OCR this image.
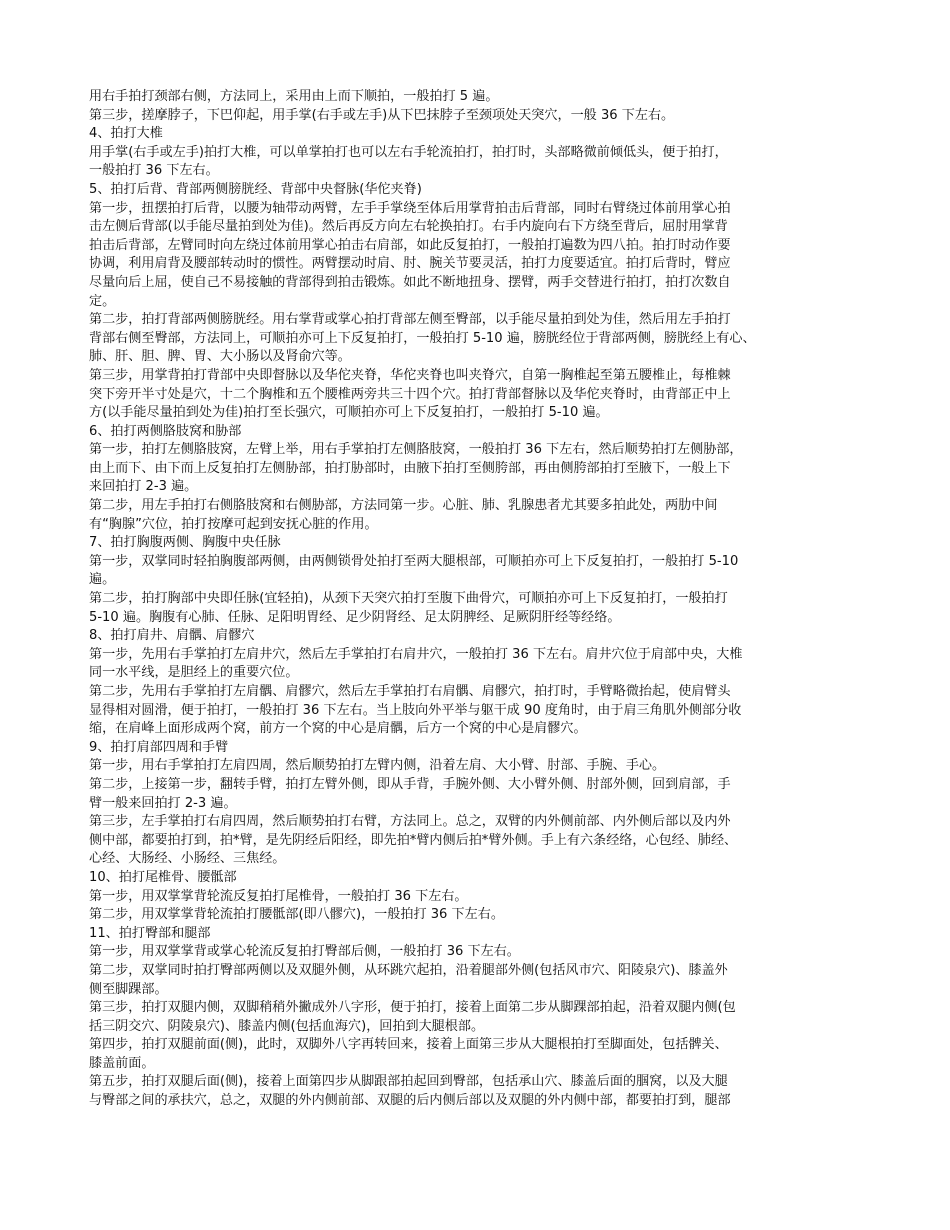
用右手拍打颈部右侧，方法同上，采用由上而下顺拍，一般拍打 5 遍。
第三步，搓摩脖子，下巴仰起，用手掌(右手或左手)从下巴抹脖子至颈项处天突穴，一般 36 下左右。
4、拍打大椎
用手掌(右手或左手)拍打大椎，可以单掌拍打也可以左右手轮流拍打，拍打时，头部略微前倾低头，便于拍打，
一般拍打 36 下左右。
5、拍打后背、背部两侧膀胱经、背部中央督脉(华佗夹脊)
第一步，扭摆拍打后背，以腰为轴带动两臂，左手手掌绕至体后用掌背拍击后背部，同时右臂绕过体前用掌心拍
击左侧后背部(以手能尽量拍到处为佳)。然后再反方向左右轮换拍打。右手内旋向右下方绕至背后，屈肘用掌背
拍击后背部，左臂同时向左绕过体前用掌心拍击右肩部，如此反复拍打，一般拍打遍数为四八拍。拍打时动作要
协调，利用肩背及腰部转动时的惯性。两臂摆动时肩、肘、腕关节要灵活，拍打力度要适宜。拍打后背时，臂应
尽量向后上屈，使自己不易接触的背部得到拍击锻炼。如此不断地扭身、摆臂，两手交替进行拍打，拍打次数自
定。
第二步，拍打背部两侧膀胱经。用右掌背或掌心拍打背部左侧至臀部，以手能尽量拍到处为佳，然后用左手拍打
背部右侧至臀部，方法同上，可顺拍亦可上下反复拍打，一般拍打 5-10 遍，膀胱经位于背部两侧，膀胱经上有心、
肺、肝、胆、脾、胃、大小肠以及肾俞穴等。
第三步，用掌背拍打背部中央即督脉以及华佗夹脊，华佗夹脊也叫夹脊穴，自第一胸椎起至第五腰椎止，每椎棘
突下旁开半寸处是穴，十二个胸椎和五个腰椎两旁共三十四个穴。拍打背部督脉以及华佗夹脊时，由背部正中上
方(以手能尽量拍到处为佳)拍打至长强穴，可顺拍亦可上下反复拍打，一般拍打 5-10 遍。
6、拍打两侧胳肢窝和胁部
第一步，拍打左侧胳肢窝，左臂上举，用右手掌拍打左侧胳肢窝，一般拍打 36 下左右，然后顺势拍打左侧胁部，
由上而下、由下而上反复拍打左侧胁部，拍打胁部时，由腋下拍打至侧胯部，再由侧胯部拍打至腋下，一般上下
来回拍打 2-3 遍。
第二步，用左手拍打右侧胳肢窝和右侧胁部，方法同第一步。心脏、肺、乳腺患者尤其要多拍此处，两肋中间
有“胸腺”穴位，拍打按摩可起到安抚心脏的作用。
7、拍打胸腹两侧、胸腹中央任脉
第一步，双掌同时轻拍胸腹部两侧，由两侧锁骨处拍打至两大腿根部，可顺拍亦可上下反复拍打，一般拍打 5-10
遍。
第二步，拍打胸部中央即任脉(宜轻拍)，从颈下天突穴拍打至腹下曲骨穴，可顺拍亦可上下反复拍打，一般拍打
5-10 遍。胸腹有心肺、任脉、足阳明胃经、足少阴肾经、足太阴脾经、足厥阴肝经等经络。
8、拍打肩井、肩髃、肩髎穴
第一步，先用右手掌拍打左肩井穴，然后左手掌拍打右肩井穴，一般拍打 36 下左右。肩井穴位于肩部中央，大椎
同一水平线，是胆经上的重要穴位。
第二步，先用右手掌拍打左肩髃、肩髎穴，然后左手掌拍打右肩髃、肩髎穴，拍打时，手臂略微抬起，使肩臂头
显得相对圆滑，便于拍打，一般拍打 36 下左右。当上肢向外平举与躯干成 90 度角时，由于肩三角肌外侧部分收
缩，在肩峰上面形成两个窝，前方一个窝的中心是肩髃，后方一个窝的中心是肩髎穴。
9、拍打肩部四周和手臂
第一步，用右手掌拍打左肩四周，然后顺势拍打左臂内侧，沿着左肩、大小臂、肘部、手腕、手心。
第二步，上接第一步，翻转手臂，拍打左臂外侧，即从手背，手腕外侧、大小臂外侧、肘部外侧，回到肩部，手
臂一般来回拍打 2-3 遍。
第三步，左手掌拍打右肩四周，然后顺势拍打右臂，方法同上。总之，双臂的内外侧前部、内外侧后部以及内外
侧中部，都要拍打到，拍*臂，是先阴经后阳经，即先拍*臂内侧后拍*臂外侧。手上有六条经络，心包经、肺经、
心经、大肠经、小肠经、三焦经。
10、拍打尾椎骨、腰骶部
第一步，用双掌掌背轮流反复拍打尾椎骨，一般拍打 36 下左右。
第二步，用双掌掌背轮流拍打腰骶部(即八髎穴)，一般拍打 36 下左右。
11、拍打臀部和腿部
第一步，用双掌掌背或掌心轮流反复拍打臀部后侧，一般拍打 36 下左右。
第二步，双掌同时拍打臀部两侧以及双腿外侧，从环跳穴起拍，沿着腿部外侧(包括风市穴、阳陵泉穴)、膝盖外
侧至脚踝部。
第三步，拍打双腿内侧，双脚稍稍外撇成外八字形，便于拍打，接着上面第二步从脚踝部拍起，沿着双腿内侧(包
括三阴交穴、阴陵泉穴)、膝盖内侧(包括血海穴)，回拍到大腿根部。
第四步，拍打双腿前面(侧)，此时，双脚外八字再转回来，接着上面第三步从大腿根拍打至脚面处，包括髀关、
膝盖前面。
第五步，拍打双腿后面(侧)，接着上面第四步从脚跟部拍起回到臀部，包括承山穴、膝盖后面的腘窝，以及大腿
与臀部之间的承扶穴，总之，双腿的外内侧前部、双腿的后内侧后部以及双腿的外内侧中部，都要拍打到，腿部
